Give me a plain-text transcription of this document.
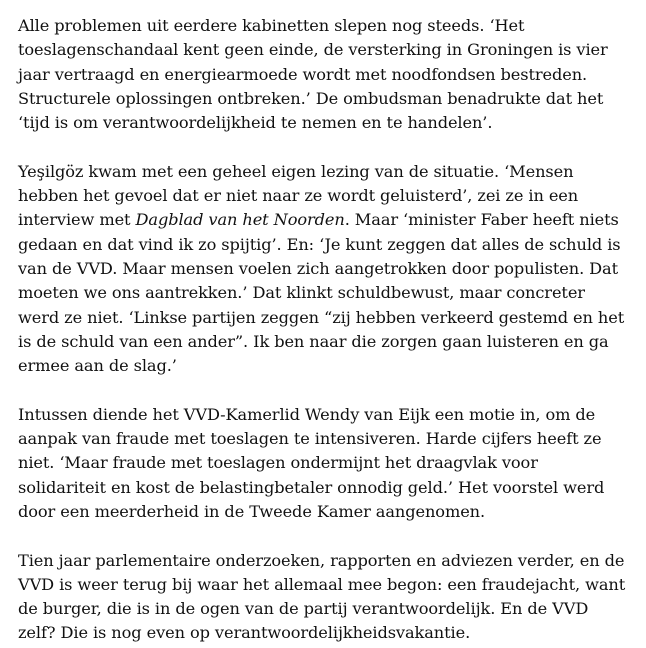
Alle problemen uit eerdere kabinetten slepen nog steeds. ‘Het toeslagenschandaal kent geen einde, de versterking in Groningen is vier jaar vertraagd en energiearmoede wordt met noodfondsen bestreden. Structurele oplossingen ontbreken.’ De ombudsman benadrukte dat het ‘tijd is om verantwoordelijkheid te nemen en te handelen’.

Yeşilgöz kwam met een geheel eigen lezing van de situatie. ‘Mensen hebben het gevoel dat er niet naar ze wordt geluisterd’, zei ze in een interview met Dagblad van het Noorden. Maar ‘minister Faber heeft niets gedaan en dat vind ik zo spijtig’. En: ‘Je kunt zeggen dat alles de schuld is van de VVD. Maar mensen voelen zich aangetrokken door populisten. Dat moeten we ons aantrekken.’ Dat klinkt schuldbewust, maar concreter werd ze niet. ‘Linkse partijen zeggen “zij hebben verkeerd gestemd en het is de schuld van een ander”. Ik ben naar die zorgen gaan luisteren en ga ermee aan de slag.’

Intussen diende het VVD-Kamerlid Wendy van Eijk een motie in, om de aanpak van fraude met toeslagen te intensiveren. Harde cijfers heeft ze niet. ‘Maar fraude met toeslagen ondermijnt het draagvlak voor solidariteit en kost de belastingbetaler onnodig geld.’ Het voorstel werd door een meerderheid in de Tweede Kamer aangenomen.

Tien jaar parlementaire onderzoeken, rapporten en adviezen verder, en de VVD is weer terug bij waar het allemaal mee begon: een fraudejacht, want de burger, die is in de ogen van de partij verantwoordelijk. En de VVD zelf? Die is nog even op verantwoordelijkheidsvakantie.
